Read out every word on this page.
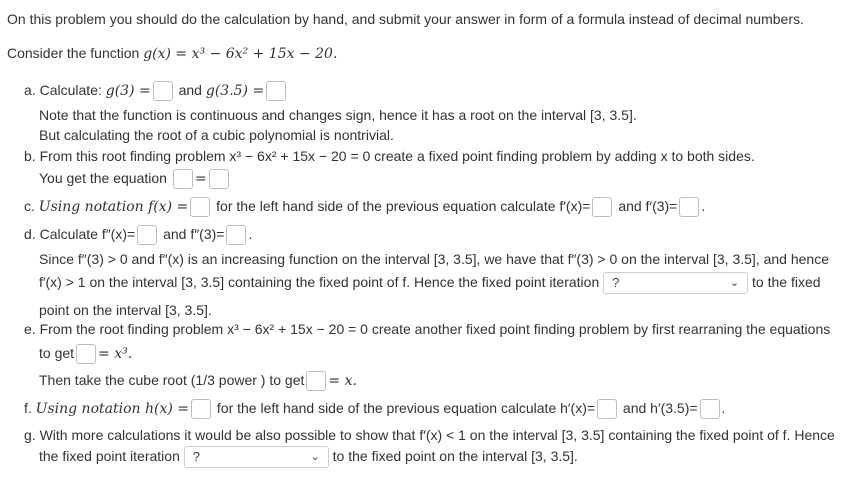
On this problem you should do the calculation by hand, and submit your answer in form of a formula instead of decimal numbers.
Consider the function g(x) = x³ − 6x² + 15x − 20.
a. Calculate: g(3) = and g(3.5) =
Note that the function is continuous and changes sign, hence it has a root on the interval [3, 3.5].
But calculating the root of a cubic polynomial is nontrivial.
b. From this root finding problem x³ − 6x² + 15x − 20 = 0 create a fixed point finding problem by adding x to both sides.
You get the equation =
c. Using notation f(x) = for the left hand side of the previous equation calculate f′(x)= and f′(3)= .
d. Calculate f″(x)= and f″(3)= .
Since f″(3) > 0 and f″(x) is an increasing function on the interval [3, 3.5], we have that f″(3) > 0 on the interval [3, 3.5], and hence
f′(x) > 1 on the interval [3, 3.5] containing the fixed point of f. Hence the fixed point iteration ?	⌄ to the fixed
point on the interval [3, 3.5].
e. From the root finding problem x³ − 6x² + 15x − 20 = 0 create another fixed point finding problem by first rearraning the equations
to get = x³.
Then take the cube root (1/3 power ) to get = x.
f. Using notation h(x) = for the left hand side of the previous equation calculate h′(x)= and h′(3.5)= .
g. With more calculations it would be also possible to show that f′(x) < 1 on the interval [3, 3.5] containing the fixed point of f. Hence
the fixed point iteration ?	⌄ to the fixed point on the interval [3, 3.5].
